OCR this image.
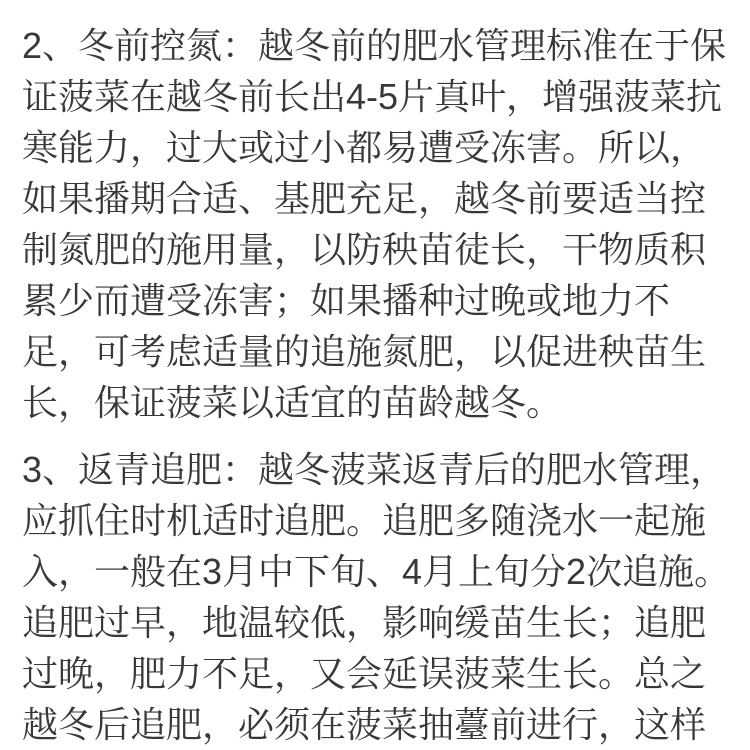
2、冬前控氮：越冬前的肥水管理标准在于保
证菠菜在越冬前长出4-5片真叶，增强菠菜抗
寒能力，过大或过小都易遭受冻害。所以，
如果播期合适、基肥充足，越冬前要适当控
制氮肥的施用量，以防秧苗徒长，干物质积
累少而遭受冻害；如果播种过晚或地力不
足，可考虑适量的追施氮肥，以促进秧苗生
长，保证菠菜以适宜的苗龄越冬。
3、返青追肥：越冬菠菜返青后的肥水管理，
应抓住时机适时追肥。追肥多随浇水一起施
入，一般在3月中下旬、4月上旬分2次追施。
追肥过早，地温较低，影响缓苗生长；追肥
过晚，肥力不足，又会延误菠菜生长。总之
越冬后追肥，必须在菠菜抽薹前进行，这样
